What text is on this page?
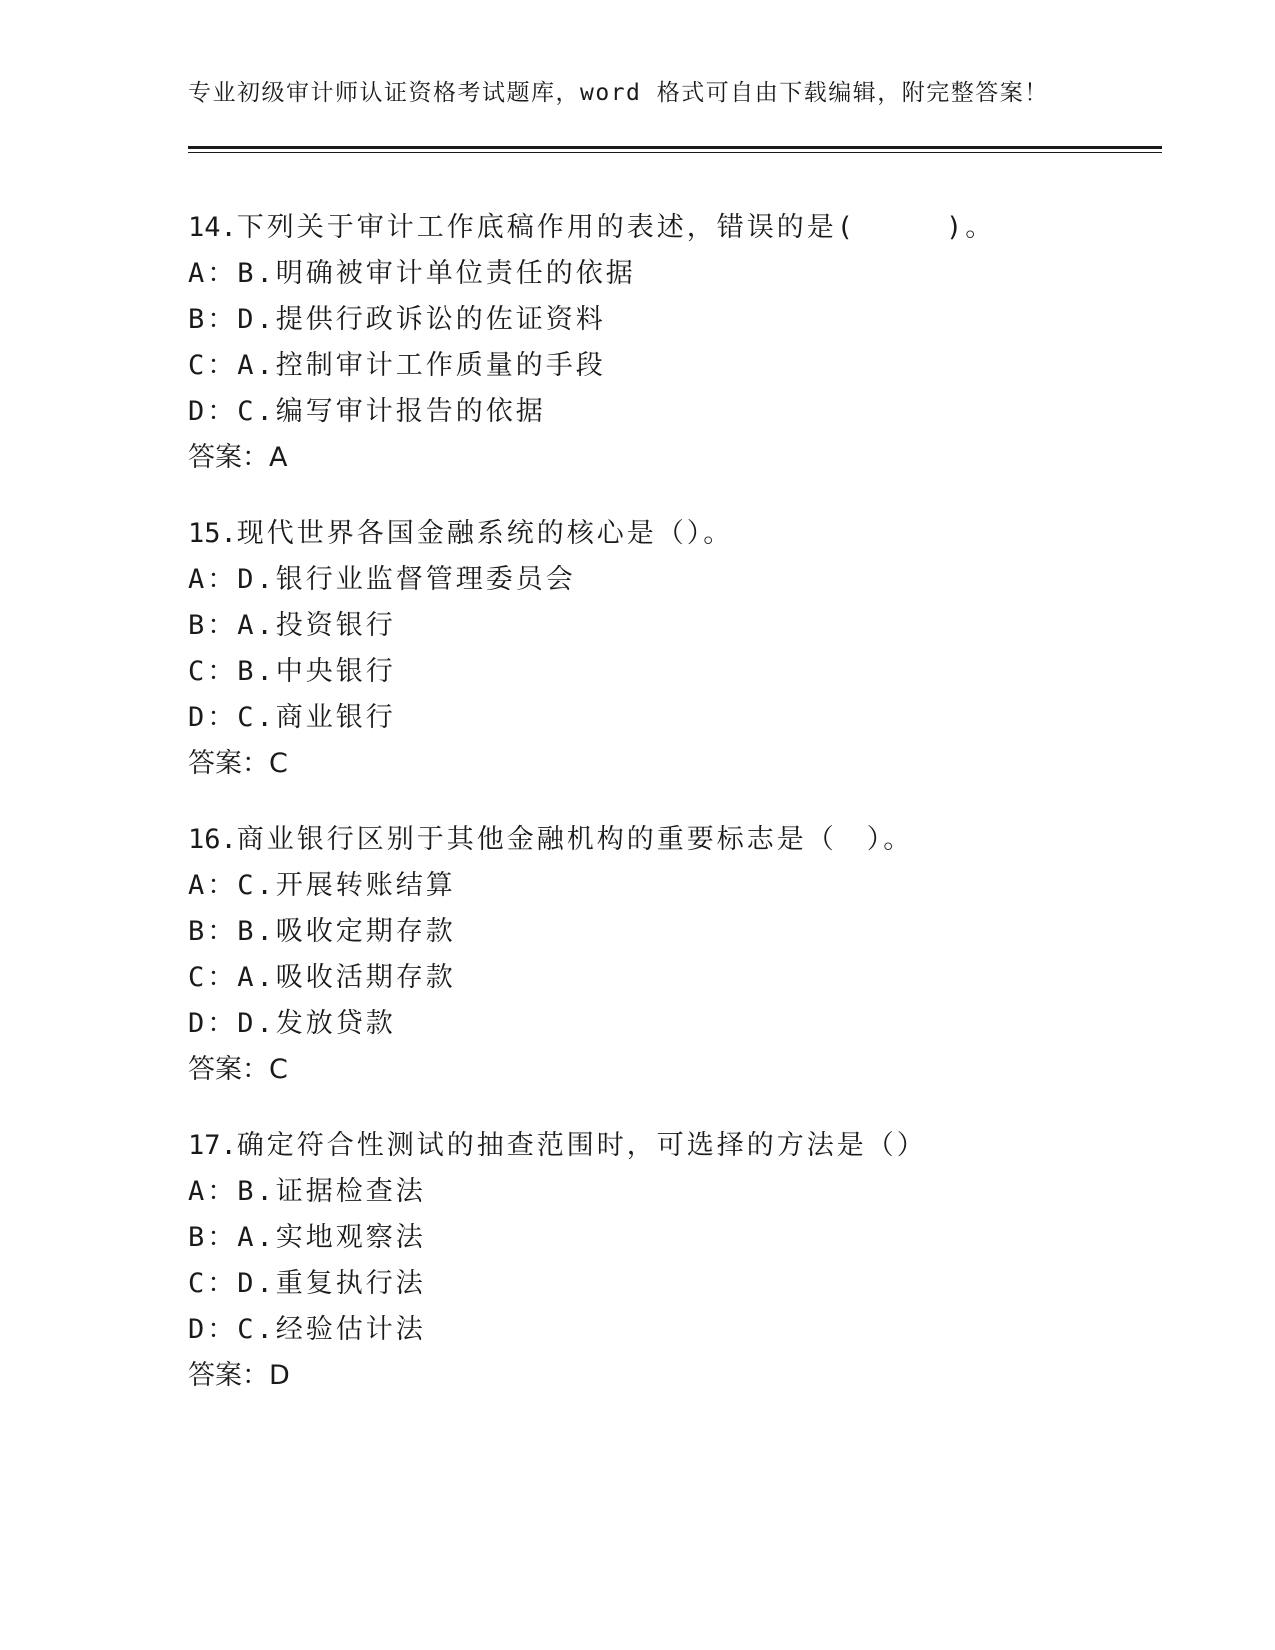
专业初级审计师认证资格考试题库，word 格式可自由下载编辑，附完整答案！
14.下列关于审计工作底稿作用的表述，错误的是(　　　)。
A：B.明确被审计单位责任的依据
B：D.提供行政诉讼的佐证资料
C：A.控制审计工作质量的手段
D：C.编写审计报告的依据
答案：A
15.现代世界各国金融系统的核心是（）。
A：D.银行业监督管理委员会
B：A.投资银行
C：B.中央银行
D：C.商业银行
答案：C
16.商业银行区别于其他金融机构的重要标志是（　）。
A：C.开展转账结算
B：B.吸收定期存款
C：A.吸收活期存款
D：D.发放贷款
答案：C
17.确定符合性测试的抽查范围时，可选择的方法是（）
A：B.证据检查法
B：A.实地观察法
C：D.重复执行法
D：C.经验估计法
答案：D
